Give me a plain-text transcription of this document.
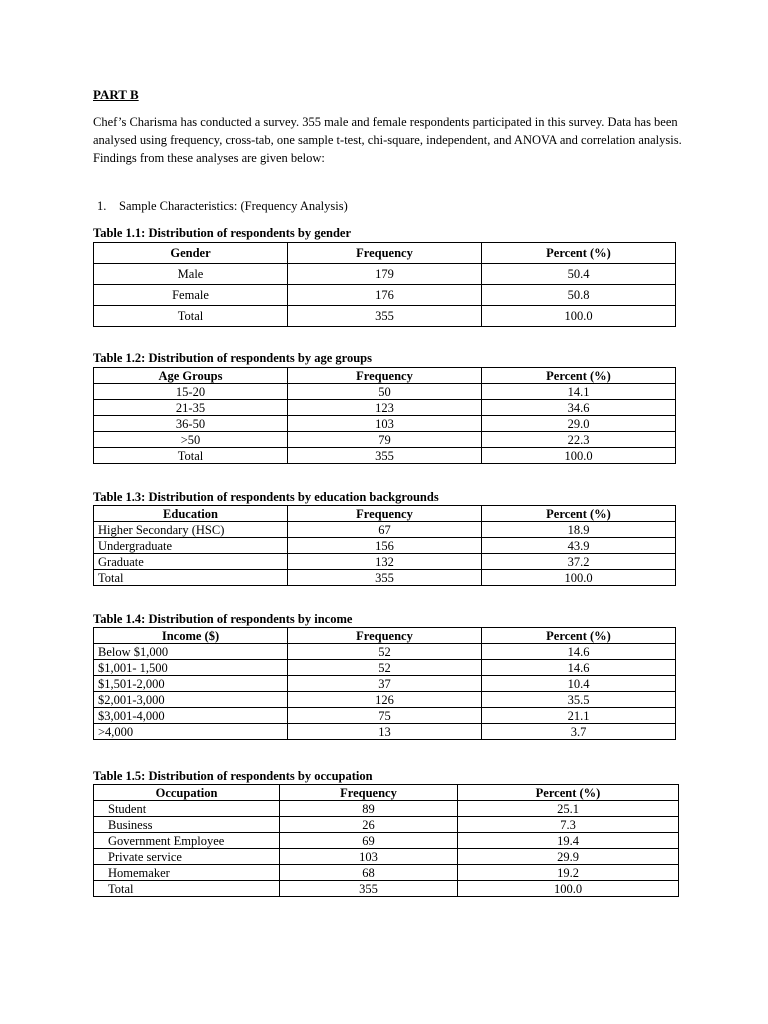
PART B
Chef’s Charisma has conducted a survey. 355 male and female respondents participated in this survey. Data has been analysed using frequency, cross-tab, one sample t-test, chi-square, independent, and ANOVA and correlation analysis. Findings from these analyses are given below:
1. Sample Characteristics: (Frequency Analysis)
Table 1.1: Distribution of respondents by gender
Gender	Frequency	Percent (%)
Male	179	50.4
Female	176	50.8
Total	355	100.0
Table 1.2: Distribution of respondents by age groups
Age Groups	Frequency	Percent (%)
15-20	50	14.1
21-35	123	34.6
36-50	103	29.0
>50	79	22.3
Total	355	100.0
Table 1.3: Distribution of respondents by education backgrounds
Education	Frequency	Percent (%)
Higher Secondary (HSC)	67	18.9
Undergraduate	156	43.9
Graduate	132	37.2
Total	355	100.0
Table 1.4: Distribution of respondents by income
Income ($)	Frequency	Percent (%)
Below $1,000	52	14.6
$1,001- 1,500	52	14.6
$1,501-2,000	37	10.4
$2,001-3,000	126	35.5
$3,001-4,000	75	21.1
>4,000	13	3.7
Table 1.5: Distribution of respondents by occupation
Occupation	Frequency	Percent (%)
Student	89	25.1
Business	26	7.3
Government Employee	69	19.4
Private service	103	29.9
Homemaker	68	19.2
Total	355	100.0
